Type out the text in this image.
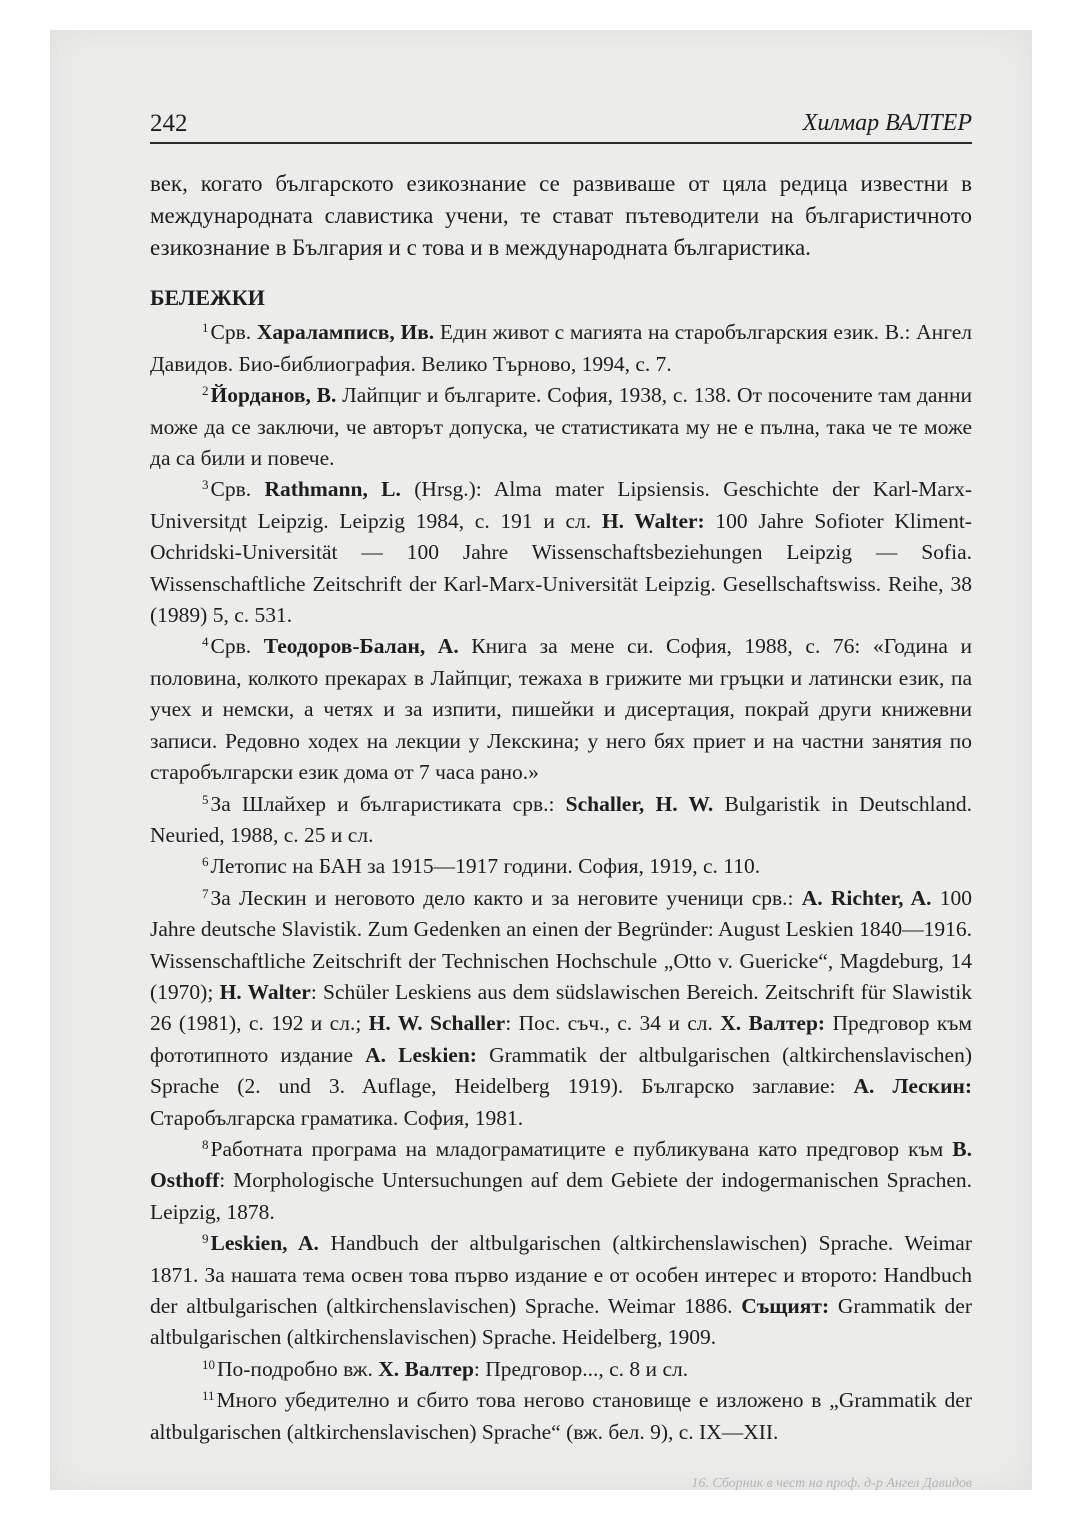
242	Хилмар ВАЛТЕР

век, когато българското езикознание се развиваше от цяла редица известни в международната славистика учени, те стават пътеводители на българистичното езикознание в България и с това и в международната българистика.

БЕЛЕЖКИ

$^1$Срв. Хараламписв, Ив. Един живот с магията на старобългарския език. В.: Ангел Давидов. Био-библиография. Велико Търново, 1994, с. 7.

$^2$Йорданов, В. Лайпциг и българите. София, 1938, с. 138. От посочените там данни може да се заключи, че авторът допуска, че статистиката му не е пълна, така че те може да са били и повече.

$^3$Срв. Rathmann, L. (Hrsg.): Alma mater Lipsiensis. Geschichte der Karl-Marx-Universitдt Leipzig. Leipzig 1984, с. 191 и сл. H. Walter: 100 Jahre Sofioter Kliment-Ochridski-Universität — 100 Jahre Wissenschaftsbeziehungen Leipzig — Sofia. Wissenschaftliche Zeitschrift der Karl-Marx-Universität Leipzig. Gesellschaftswiss. Reihe, 38 (1989) 5, с. 531.

$^4$Срв. Теодоров-Балан, А. Книга за мене си. София, 1988, с. 76: «Година и половина, колкото прекарах в Лайпциг, тежаха в грижите ми гръцки и латински език, па учех и немски, а четях и за изпити, пишейки и дисертация, покрай други книжевни записи. Редовно ходех на лекции у Лекскина; у него бях приет и на частни занятия по старобългарски език дома от 7 часа рано.»

$^5$За Шлайхер и българистиката срв.: Schaller, H. W. Bulgaristik in Deutschland. Neuried, 1988, с. 25 и сл.

$^6$Летопис на БАН за 1915—1917 години. София, 1919, с. 110.

$^7$За Лескин и неговото дело както и за неговите ученици срв.: A. Richter, A. 100 Jahre deutsche Slavistik. Zum Gedenken an einen der Begründer: August Leskien 1840—1916. Wissenschaftliche Zeitschrift der Technischen Hochschule „Otto v. Guericke“, Magdeburg, 14 (1970); H. Walter: Schüler Leskiens aus dem südslawischen Bereich. Zeitschrift für Slawistik 26 (1981), с. 192 и сл.; H. W. Schaller: Пос. съч., с. 34 и сл. Х. Валтер: Предговор към фототипното издание A. Leskien: Grammatik der altbulgarischen (altkirchenslavischen) Sprache (2. und 3. Auflage, Heidelberg 1919). Българско заглавие: А. Лескин: Старобългарска граматика. София, 1981.

$^8$Работната програма на младограматиците е публикувана като предговор към B. Osthoff: Morphologische Untersuchungen auf dem Gebiete der indogermanischen Sprachen. Leipzig, 1878.

$^9$Leskien, A. Handbuch der altbulgarischen (altkirchenslawischen) Sprache. Weimar 1871. За нашата тема освен това първо издание е от особен интерес и второто: Handbuch der altbulgarischen (altkirchenslavischen) Sprache. Weimar 1886. Същият: Grammatik der altbulgarischen (altkirchenslavischen) Sprache. Heidelberg, 1909.

$^{10}$По-подробно вж. Х. Валтер: Предговор..., с. 8 и сл.

$^{11}$Много убедително и сбито това негово становище е изложено в „Grammatik der altbulgarischen (altkirchenslavischen) Sprache“ (вж. бел. 9), с. IX—XII.

16. Сборник в чест на проф. д-р Ангел Давидов
